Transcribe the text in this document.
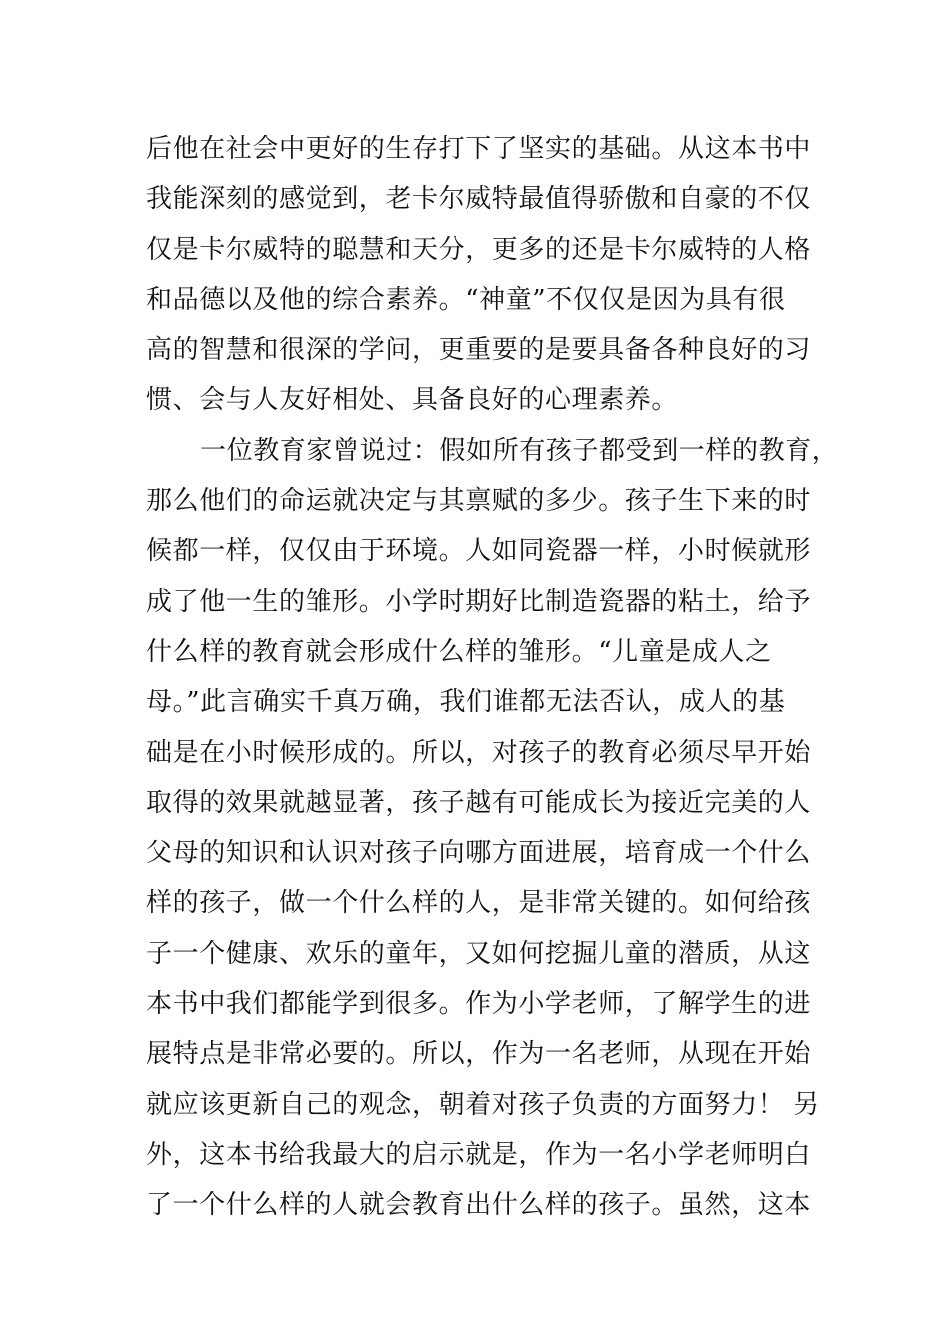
后他在社会中更好的生存打下了坚实的基础。从这本书中
我能深刻的感觉到，老卡尔威特最值得骄傲和自豪的不仅
仅是卡尔威特的聪慧和天分，更多的还是卡尔威特的人格
和品德以及他的综合素养。“神童”不仅仅是因为具有很
高的智慧和很深的学问，更重要的是要具备各种良好的习
惯、会与人友好相处、具备良好的心理素养。
一位教育家曾说过：假如所有孩子都受到一样的教育，
那么他们的命运就决定与其禀赋的多少。孩子生下来的时
候都一样，仅仅由于环境。人如同瓷器一样，小时候就形
成了他一生的雏形。小学时期好比制造瓷器的粘土，给予
什么样的教育就会形成什么样的雏形。“儿童是成人之
母。”此言确实千真万确，我们谁都无法否认，成人的基
础是在小时候形成的。所以，对孩子的教育必须尽早开始
取得的效果就越显著，孩子越有可能成长为接近完美的人
父母的知识和认识对孩子向哪方面进展，培育成一个什么
样的孩子，做一个什么样的人，是非常关键的。如何给孩
子一个健康、欢乐的童年，又如何挖掘儿童的潜质，从这
本书中我们都能学到很多。作为小学老师，了解学生的进
展特点是非常必要的。所以，作为一名老师，从现在开始
就应该更新自己的观念，朝着对孩子负责的方面努力！ 另
外，这本书给我最大的启示就是，作为一名小学老师明白
了一个什么样的人就会教育出什么样的孩子。虽然，这本
